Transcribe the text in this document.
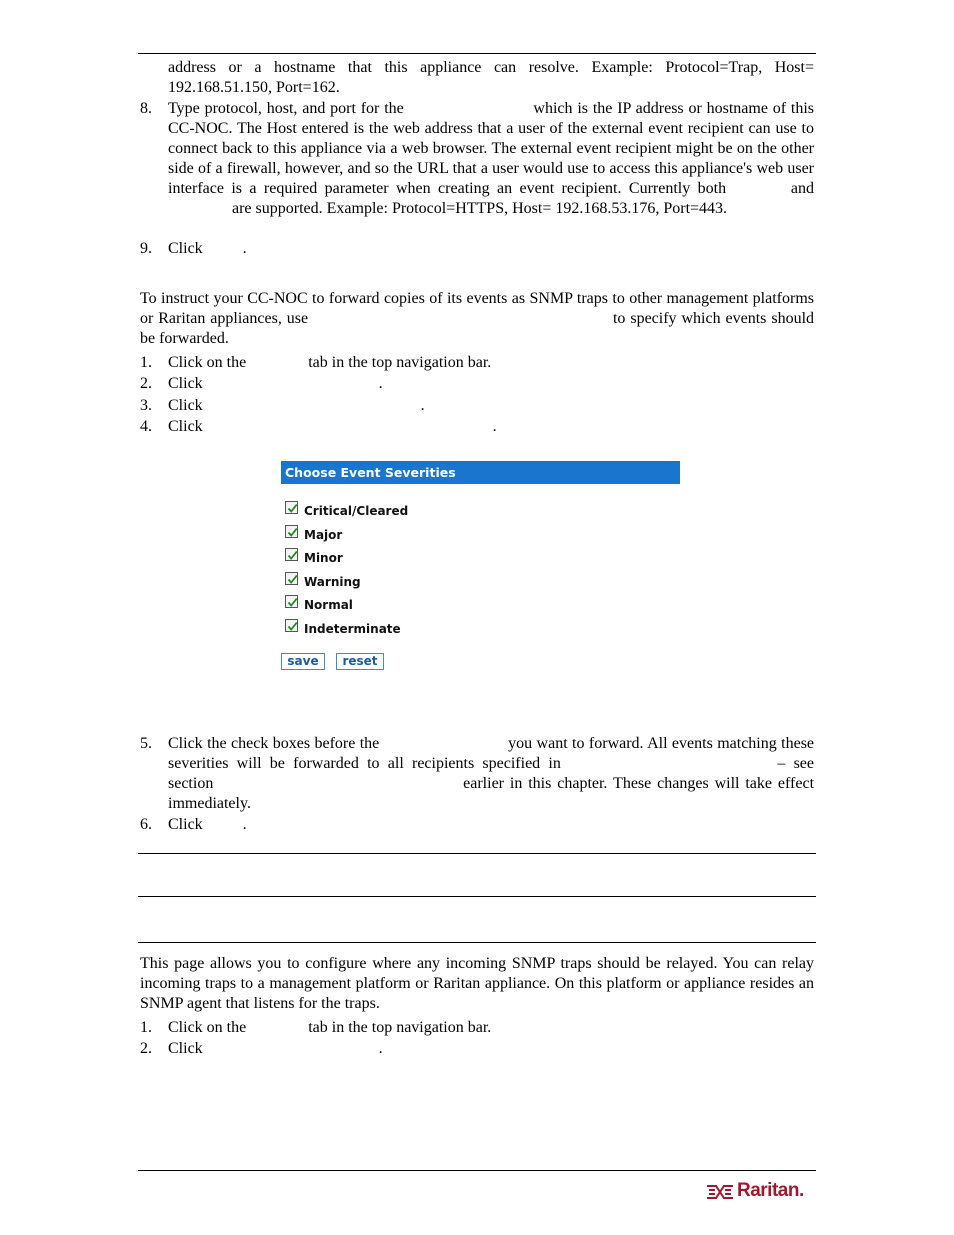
address or a hostname that this appliance can resolve. Example: Protocol=Trap, Host= 192.168.51.150, Port=162.
8. Type protocol, host, and port for the	which is the IP address or hostname of this CC-NOC. The Host entered is the web address that a user of the external event recipient can use to connect back to this appliance via a web browser. The external event recipient might be on the other side of a firewall, however, and so the URL that a user would use to access this appliance's web user interface is a required parameter when creating an event recipient. Currently both	and  are supported. Example: Protocol=HTTPS, Host= 192.168.53.176, Port=443.
9. Click	.
To instruct your CC-NOC to forward copies of its events as SNMP traps to other management platforms or Raritan appliances, use	to specify which events should be forwarded.
1. Click on the	tab in the top navigation bar.
2. Click	.
3. Click	.
4. Click	.
Choose Event Severities
Critical/Cleared
Major
Minor
Warning
Normal
Indeterminate
save	reset
5. Click the check boxes before the	you want to forward. All events matching these severities will be forwarded to all recipients specified in	– see section	earlier in this chapter. These changes will take effect immediately.
6. Click	.
This page allows you to configure where any incoming SNMP traps should be relayed. You can relay incoming traps to a management platform or Raritan appliance. On this platform or appliance resides an SNMP agent that listens for the traps.
1. Click on the	tab in the top navigation bar.
2. Click	.
Raritan.
